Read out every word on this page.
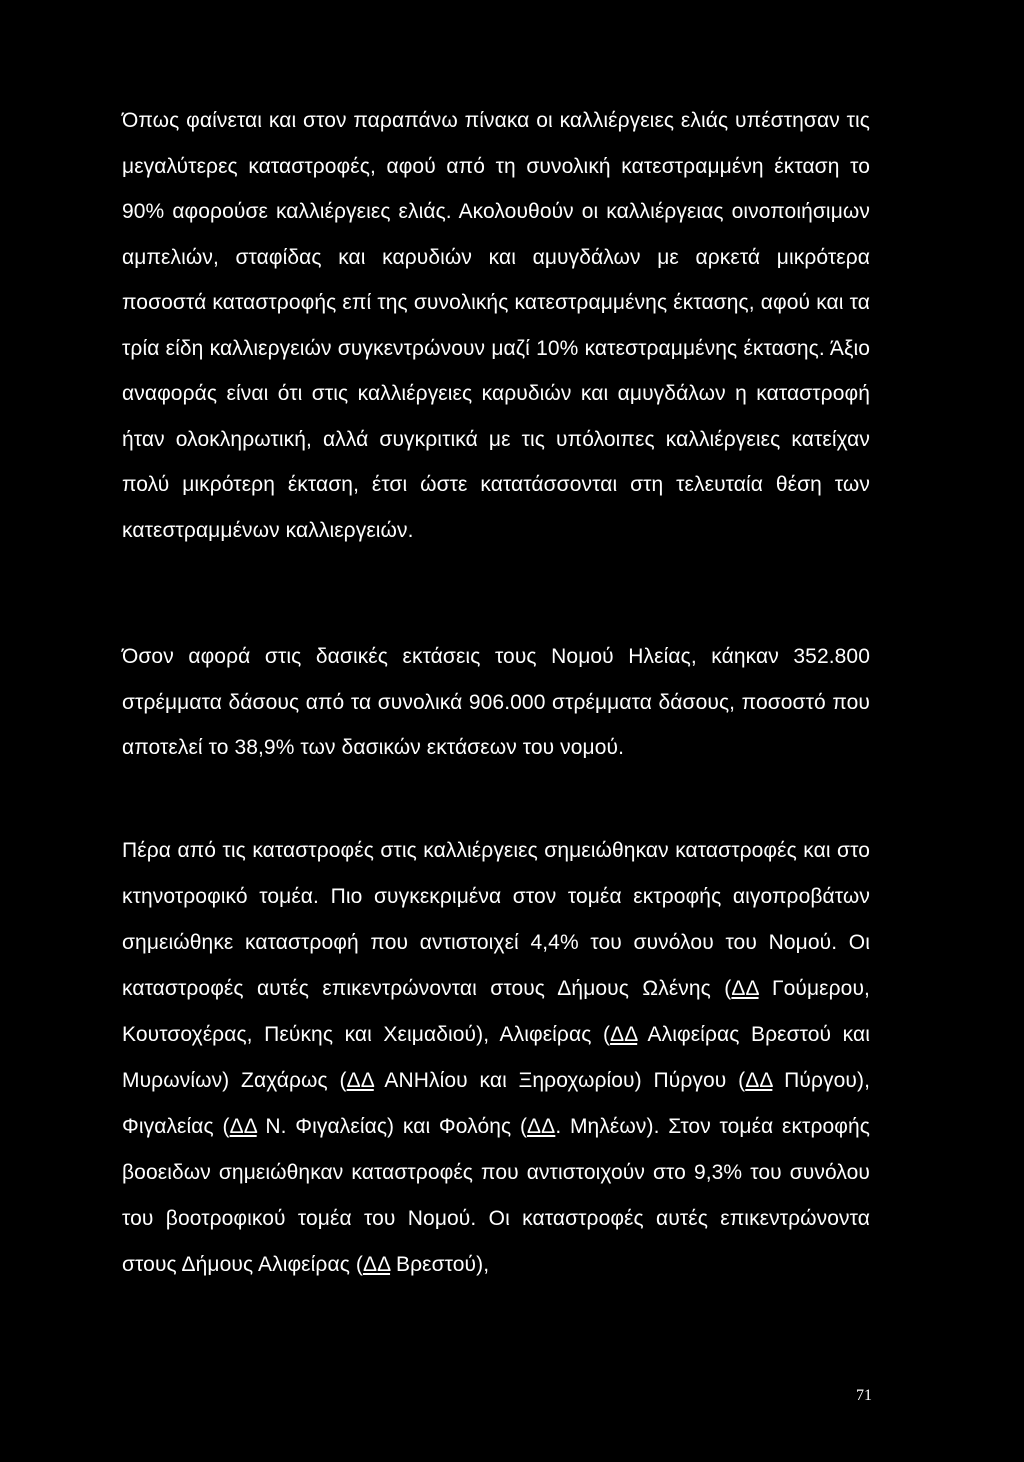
Όπως φαίνεται και στον παραπάνω πίνακα οι καλλιέργειες ελιάς υπέστησαν τις μεγαλύτερες καταστροφές, αφού από τη συνολική κατεστραμμένη έκταση το 90% αφορούσε καλλιέργειες ελιάς. Ακολουθούν οι καλλιέργειας οινοποιήσιμων αμπελιών, σταφίδας και καρυδιών και αμυγδάλων με αρκετά μικρότερα ποσοστά καταστροφής επί της συνολικής κατεστραμμένης έκτασης, αφού και τα τρία είδη καλλιεργειών συγκεντρώνουν μαζί 10% κατεστραμμένης έκτασης. Άξιο αναφοράς είναι ότι στις καλλιέργειες καρυδιών και αμυγδάλων η καταστροφή ήταν ολοκληρωτική, αλλά συγκριτικά με τις υπόλοιπες καλλιέργειες κατείχαν πολύ μικρότερη έκταση, έτσι ώστε κατατάσσονται στη τελευταία θέση των κατεστραμμένων καλλιεργειών.

Όσον αφορά στις δασικές εκτάσεις τους Νομού Ηλείας, κάηκαν 352.800 στρέμματα δάσους από τα συνολικά 906.000 στρέμματα δάσους, ποσοστό που αποτελεί το 38,9% των δασικών εκτάσεων του νομού.

Πέρα από τις καταστροφές στις καλλιέργειες σημειώθηκαν καταστροφές και στο κτηνοτροφικό τομέα. Πιο συγκεκριμένα στον τομέα εκτροφής αιγοπροβάτων σημειώθηκε καταστροφή που αντιστοιχεί 4,4% του συνόλου του Νομού. Οι καταστροφές αυτές επικεντρώνονται στους Δήμους Ωλένης (ΔΔ Γούμερου, Κουτσοχέρας, Πεύκης και Χειμαδιού), Αλιφείρας (ΔΔ Αλιφείρας Βρεστού και Μυρωνίων) Ζαχάρως (ΔΔ ΑΝΗλίου και Ξηροχωρίου) Πύργου (ΔΔ Πύργου), Φιγαλείας (ΔΔ Ν. Φιγαλείας) και Φολόης (ΔΔ. Μηλέων). Στον τομέα εκτροφής βοοειδων σημειώθηκαν καταστροφές που αντιστοιχούν στο 9,3% του συνόλου του βοοτροφικού τομέα του Νομού. Οι καταστροφές αυτές επικεντρώνοντα στους Δήμους Αλιφείρας (ΔΔ Βρεστού),

71
